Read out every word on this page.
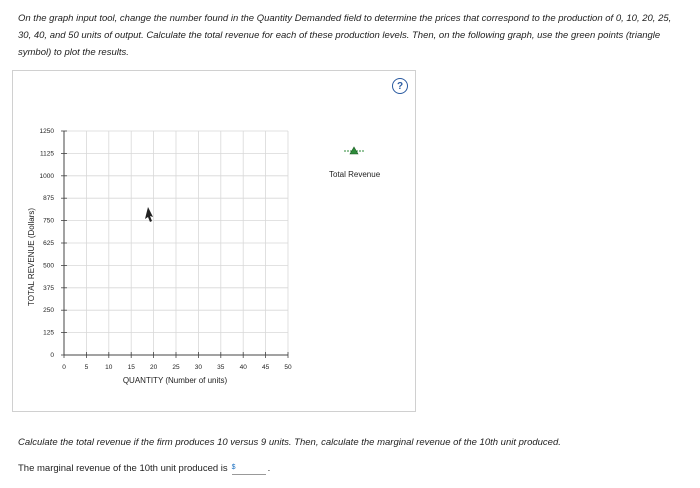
On the graph input tool, change the number found in the Quantity Demanded field to determine the prices that correspond to the production of 0, 10, 20, 25, 30, 40, and 50 units of output. Calculate the total revenue for each of these production levels. Then, on the following graph, use the green points (triangle symbol) to plot the results.
0	5	10 15 20 25 30 35 40 45 50
0
125
250
375
500
625
750
875
1000
1125
1250
TOTAL REVENUE (Dollars)
QUANTITY (Number of units)
Total Revenue
?
Calculate the total revenue if the firm produces 10 versus 9 units. Then, calculate the marginal revenue of the 10th unit produced.
The marginal revenue of the 10th unit produced is $	.
